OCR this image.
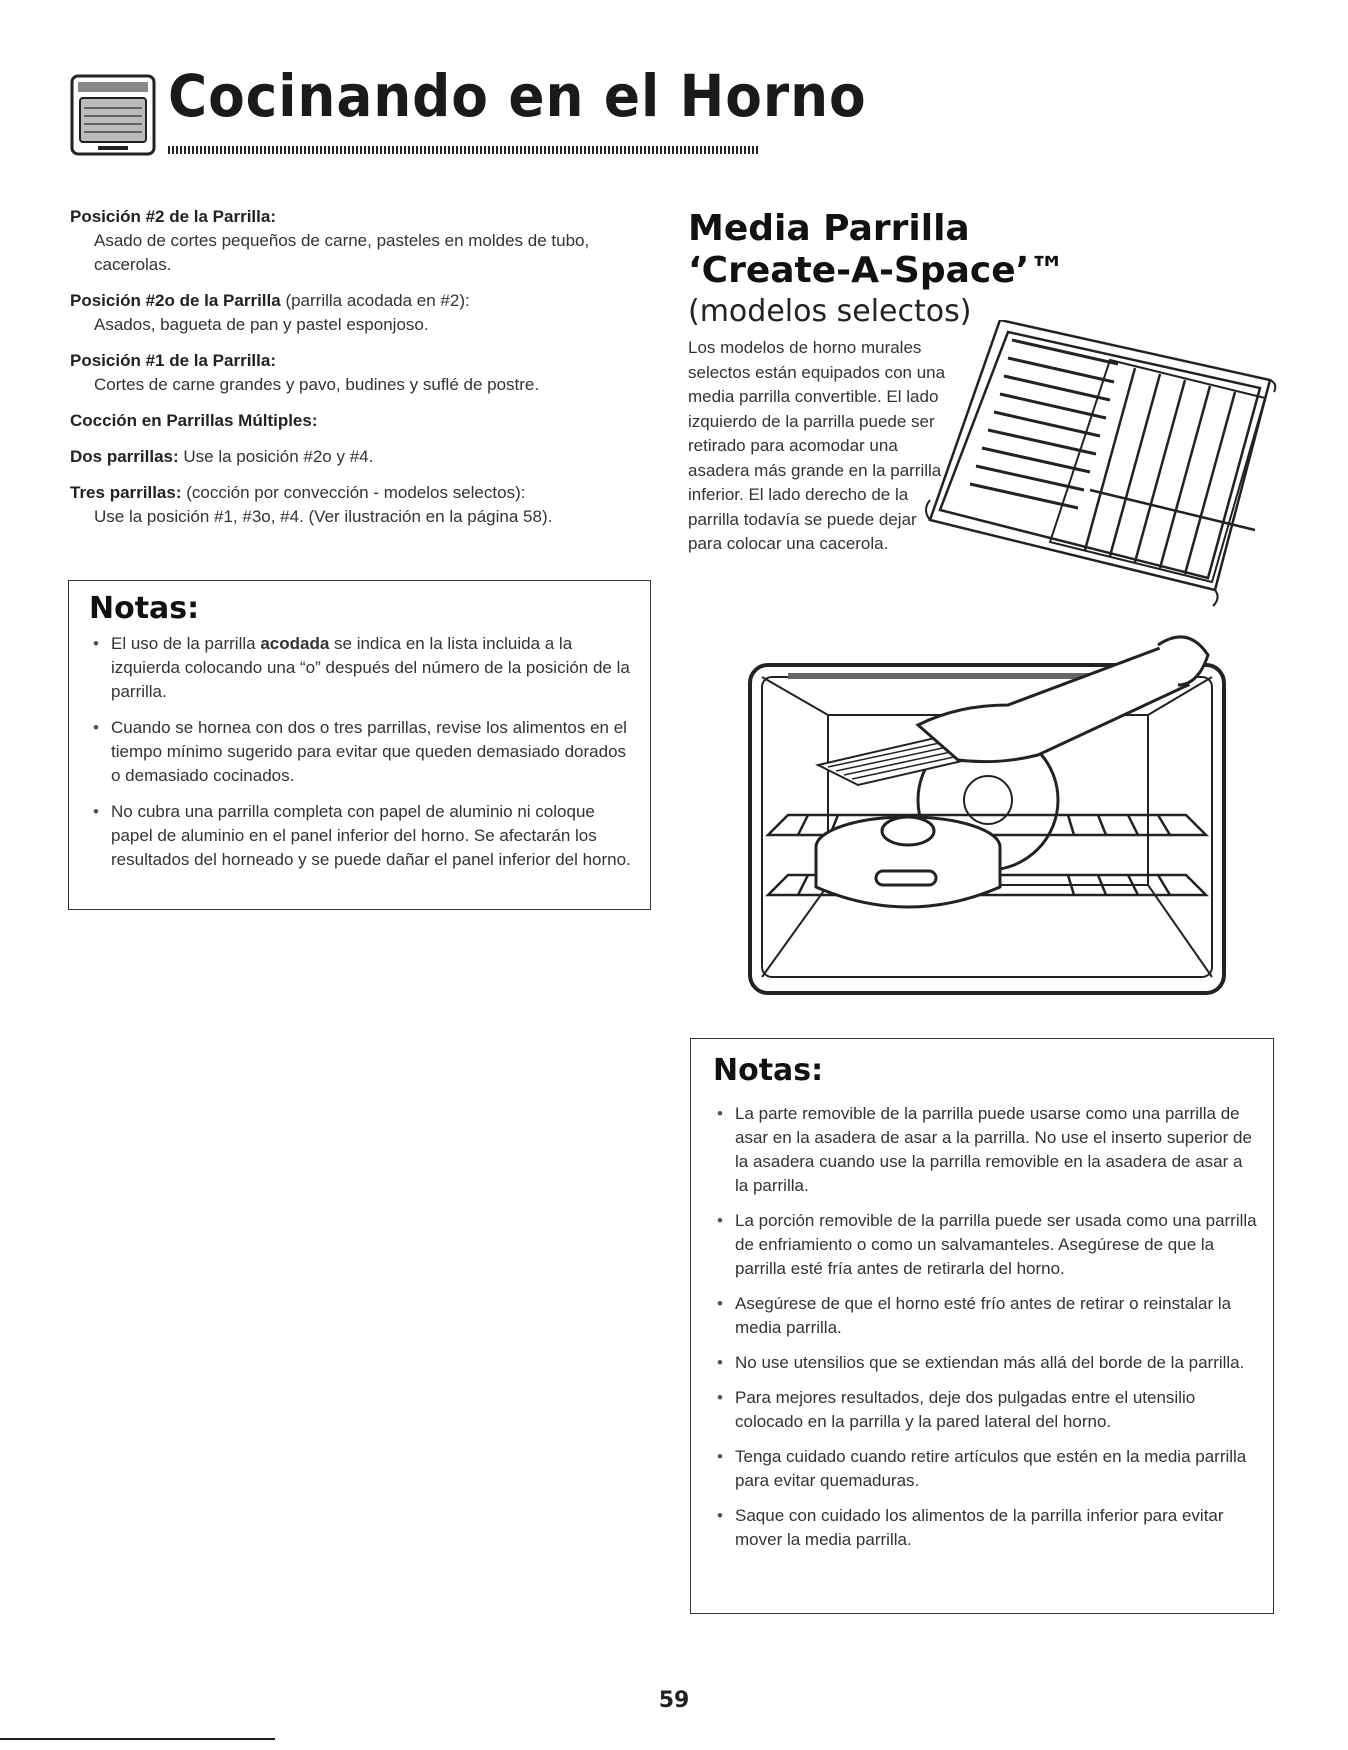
Cocinando en el Horno
Posición #2 de la Parrilla:
Asado de cortes pequeños de carne, pasteles en moldes de tubo, cacerolas.
Posición #2o de la Parrilla (parrilla acodada en #2):
Asados, bagueta de pan y pastel esponjoso.
Posición #1 de la Parrilla:
Cortes de carne grandes y pavo, budines y suflé de postre.
Cocción en Parrillas Múltiples:
Dos parrillas: Use la posición #2o y #4.
Tres parrillas: (cocción por convección - modelos selectos):
Use la posición #1, #3o, #4. (Ver ilustración en la página 58).
Notas:
• El uso de la parrilla acodada se indica en la lista incluida a la izquierda colocando una “o” después del número de la posición de la parrilla.
• Cuando se hornea con dos o tres parrillas, revise los alimentos en el tiempo mínimo sugerido para evitar que queden demasiado dorados o demasiado cocinados.
• No cubra una parrilla completa con papel de aluminio ni coloque papel de aluminio en el panel inferior del horno. Se afectarán los resultados del horneado y se puede dañar el panel inferior del horno.
Media Parrilla
‘Create-A-Space’™
(modelos selectos)
Los modelos de horno murales selectos están equipados con una media parrilla convertible. El lado izquierdo de la parrilla puede ser retirado para acomodar una asadera más grande en la parrilla inferior. El lado derecho de la parrilla todavía se puede dejar para colocar una cacerola.
Notas:
• La parte removible de la parrilla puede usarse como una parrilla de asar en la asadera de asar a la parrilla. No use el inserto superior de la asadera cuando use la parrilla removible en la asadera de asar a la parrilla.
• La porción removible de la parrilla puede ser usada como una parrilla de enfriamiento o como un salvamanteles. Asegúrese de que la parrilla esté fría antes de retirarla del horno.
• Asegúrese de que el horno esté frío antes de retirar o reinstalar la media parrilla.
• No use utensilios que se extiendan más allá del borde de la parrilla.
• Para mejores resultados, deje dos pulgadas entre el utensilio colocado en la parrilla y la pared lateral del horno.
• Tenga cuidado cuando retire artículos que estén en la media parrilla para evitar quemaduras.
• Saque con cuidado los alimentos de la parrilla inferior para evitar mover la media parrilla.
59
